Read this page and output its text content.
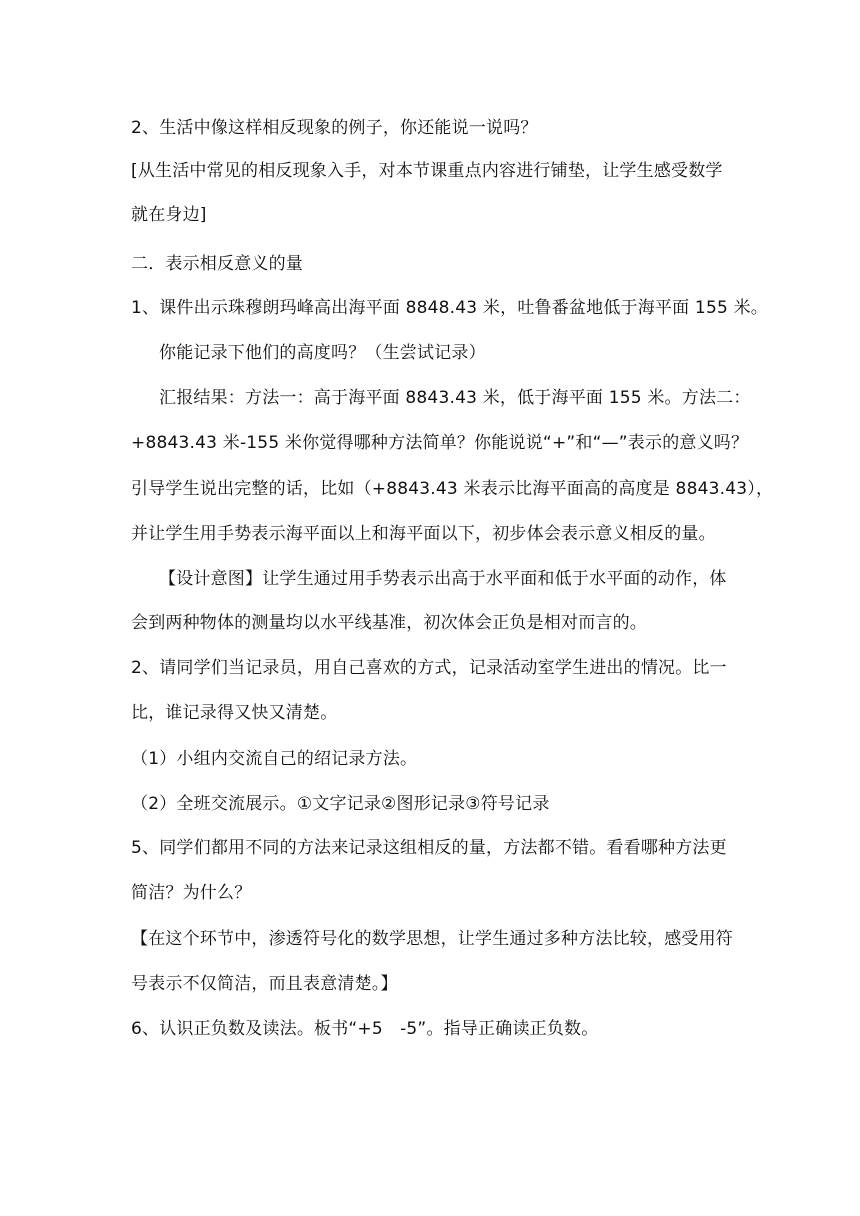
2、生活中像这样相反现象的例子，你还能说一说吗？
[从生活中常见的相反现象入手，对本节课重点内容进行铺垫，让学生感受数学
就在身边]
二．表示相反意义的量
1、课件出示珠穆朗玛峰高出海平面 8848.43 米，吐鲁番盆地低于海平面 155 米。
你能记录下他们的高度吗？（生尝试记录）
汇报结果：方法一：高于海平面 8843.43 米，低于海平面 155 米。方法二：
+8843.43 米-155 米你觉得哪种方法简单？你能说说“+”和“—”表示的意义吗？
引导学生说出完整的话，比如（+8843.43 米表示比海平面高的高度是 8843.43），
并让学生用手势表示海平面以上和海平面以下，初步体会表示意义相反的量。
【设计意图】让学生通过用手势表示出高于水平面和低于水平面的动作，体
会到两种物体的测量均以水平线基准，初次体会正负是相对而言的。
2、请同学们当记录员，用自己喜欢的方式，记录活动室学生进出的情况。比一
比，谁记录得又快又清楚。
（1）小组内交流自己的绍记录方法。
（2）全班交流展示。①文字记录②图形记录③符号记录
5、同学们都用不同的方法来记录这组相反的量，方法都不错。看看哪种方法更
简洁？为什么？
【在这个环节中，渗透符号化的数学思想，让学生通过多种方法比较，感受用符
号表示不仅简洁，而且表意清楚。】
6、认识正负数及读法。板书“+5　-5”。指导正确读正负数。
